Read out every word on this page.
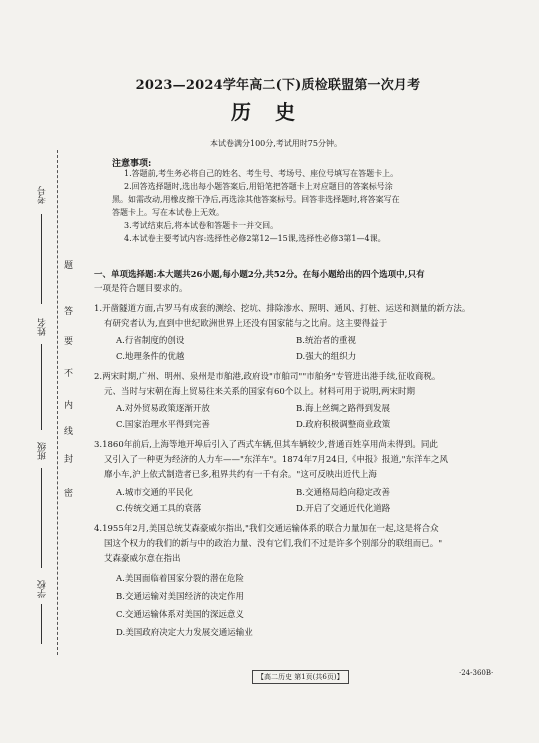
考号
姓名
班级
学校
题
答
要
不
内
线
封
密
2023—2024学年高二(下)质检联盟第一次月考
历史
本试卷满分100分,考试用时75分钟。
注意事项:
1.答题前,考生务必将自己的姓名、考生号、考场号、座位号填写在答题卡上。
2.回答选择题时,选出每小题答案后,用铅笔把答题卡上对应题目的答案标号涂
黑。如需改动,用橡皮擦干净后,再选涂其他答案标号。回答非选择题时,将答案写在
答题卡上。写在本试卷上无效。
3.考试结束后,将本试卷和答题卡一并交回。
4.本试卷主要考试内容:选择性必修2第12—15课,选择性必修3第1—4课。
一、单项选择题:本大题共26小题,每小题2分,共52分。在每小题给出的四个选项中,只有
一项是符合题目要求的。
1.开凿隧道方面,古罗马有成套的测绘、挖坑、排除渗水、照明、通风、打桩、运送和测量的新方法。
有研究者认为,直到中世纪欧洲世界上还没有国家能与之比肩。这主要得益于
A.行省制度的创设	B.统治者的重视
C.地理条件的优越	D.强大的组织力
2.两宋时期,广州、明州、泉州是市舶港,政府设"市舶司""市舶务"专管进出港手续,征收商税。
元、当时与宋朝在海上贸易往来关系的国家有60个以上。材料可用于说明,两宋时期
A.对外贸易政策逐渐开放	B.海上丝绸之路得到发展
C.国家治理水平得到完善	D.政府积极调整商业政策
3.1860年前后,上海等地开埠后引入了西式车辆,但其车辆较少,普通百姓享用尚未得到。同此
又引入了一种更为经济的人力车——"东洋车"。1874年7月24日,《申报》报道,"东洋车之风
靡小车,沪上依式制造者已多,租界共约有一千有余。"这可反映出近代上海
A.城市交通的平民化	B.交通格局趋向稳定改善
C.传统交通工具的衰落	D.开启了交通近代化道路
4.1955年2月,美国总统艾森豪威尔指出,"我们交通运输体系的联合力量加在一起,这是将合众
国这个权力的我们的新与中的政治力量、没有它们,我们不过是许多个别部分的联组而已。"
艾森豪威尔意在指出
A.美国面临着国家分裂的潜在危险
B.交通运输对美国经济的决定作用
C.交通运输体系对美国的深远意义
D.美国政府决定大力发展交通运输业
【高二历史 第1页(共6页)】	·24-360B·
